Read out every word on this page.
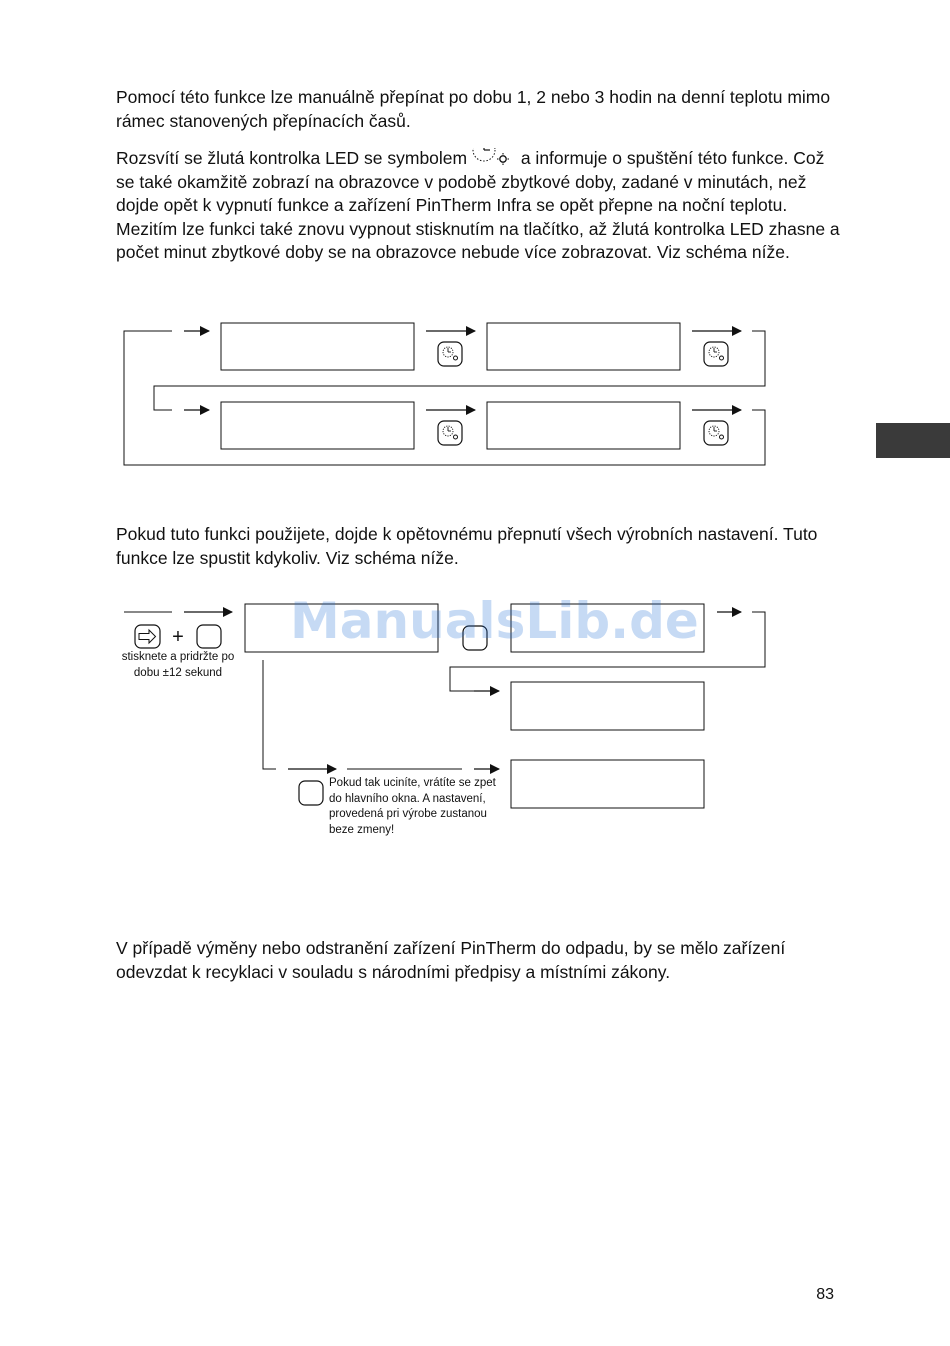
Pomocí této funkce lze manuálně přepínat po dobu 1, 2 nebo 3 hodin na denní teplotu mimo rámec stanovených přepínacích časů.

Rozsvítí se žlutá kontrolka LED se symbolem	a informuje o spuštění této funkce. Což se také okamžitě zobrazí na obrazovce v podobě zbytkové doby, zadané v minutách, než dojde opět k vypnutí funkce a zařízení PinTherm Infra se opět přepne na noční teplotu. Mezitím lze funkci také znovu vypnout stisknutím na tlačítko, až žlutá kontrolka LED zhasne a počet minut zbytkové doby se na obrazovce nebude více zobrazovat. Viz schéma níže.

Pokud tuto funkci použijete, dojde k opětovnému přepnutí všech výrobních nastavení. Tuto funkce lze spustit kdykoliv. Viz schéma níže.

+ ManualsLib.de

stisknete a pridržte po dobu ±12 sekund

Pokud tak uciníte, vrátíte se zpet do hlavního okna. A nastavení, provedená pri výrobe zustanou beze zmeny!

V případě výměny nebo odstranění zařízení PinTherm do odpadu, by se mělo zařízení odevzdat k recyklaci v souladu s národními předpisy a místními zákony.

83
